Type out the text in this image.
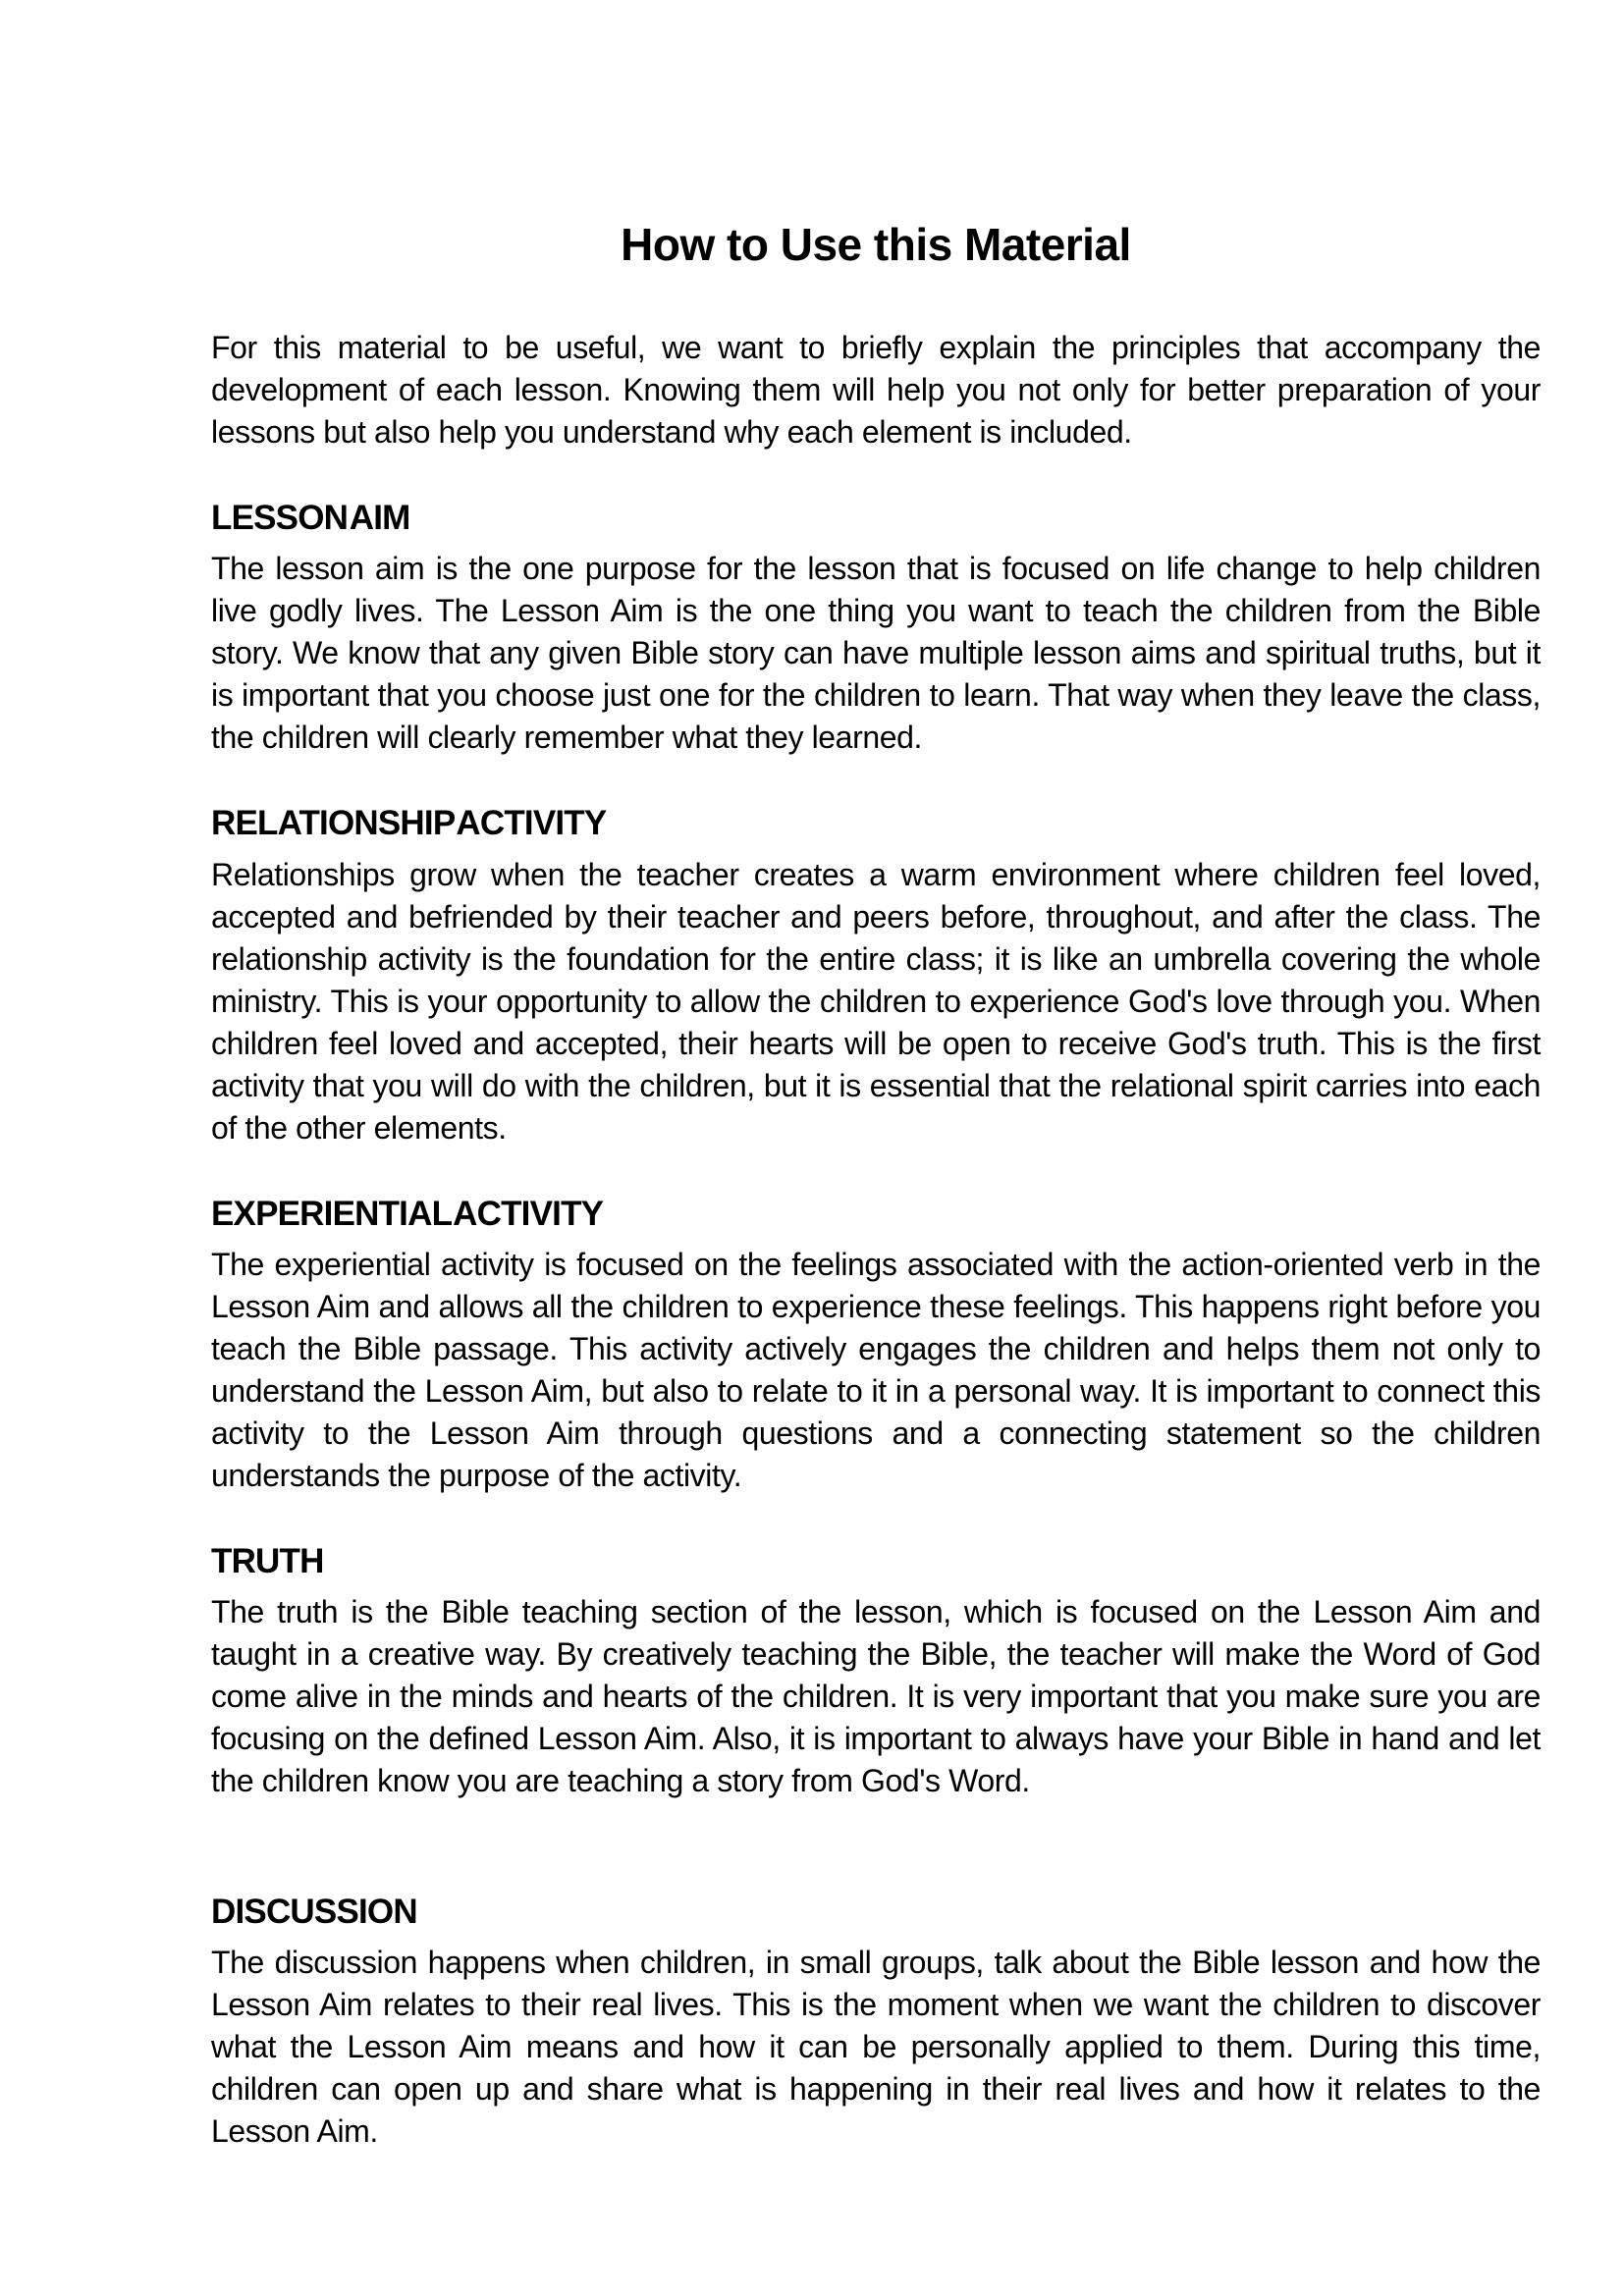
How to Use this Material

For this material to be useful, we want to briefly explain the principles that accompany the development of each lesson. Knowing them will help you not only for better preparation of your lessons but also help you understand why each element is included.

LESSON AIM

The lesson aim is the one purpose for the lesson that is focused on life change to help children live godly lives. The Lesson Aim is the one thing you want to teach the children from the Bible story. We know that any given Bible story can have multiple lesson aims and spiritual truths, but it is important that you choose just one for the children to learn. That way when they leave the class, the children will clearly remember what they learned.

RELATIONSHIP ACTIVITY

Relationships grow when the teacher creates a warm environment where children feel loved, accepted and befriended by their teacher and peers before, throughout, and after the class. The relationship activity is the foundation for the entire class; it is like an umbrella covering the whole ministry. This is your opportunity to allow the children to experience God's love through you. When children feel loved and accepted, their hearts will be open to receive God's truth. This is the first activity that you will do with the children, but it is essential that the relational spirit carries into each of the other elements.

EXPERIENTIAL ACTIVITY

The experiential activity is focused on the feelings associated with the action-oriented verb in the Lesson Aim and allows all the children to experience these feelings. This happens right before you teach the Bible passage. This activity actively engages the children and helps them not only to understand the Lesson Aim, but also to relate to it in a personal way. It is important to connect this activity to the Lesson Aim through questions and a connecting statement so the children understands the purpose of the activity.

TRUTH

The truth is the Bible teaching section of the lesson, which is focused on the Lesson Aim and taught in a creative way. By creatively teaching the Bible, the teacher will make the Word of God come alive in the minds and hearts of the children. It is very important that you make sure you are focusing on the defined Lesson Aim. Also, it is important to always have your Bible in hand and let the children know you are teaching a story from God's Word.

DISCUSSION

The discussion happens when children, in small groups, talk about the Bible lesson and how the Lesson Aim relates to their real lives. This is the moment when we want the children to discover what the Lesson Aim means and how it can be personally applied to them. During this time, children can open up and share what is happening in their real lives and how it relates to the Lesson Aim.
